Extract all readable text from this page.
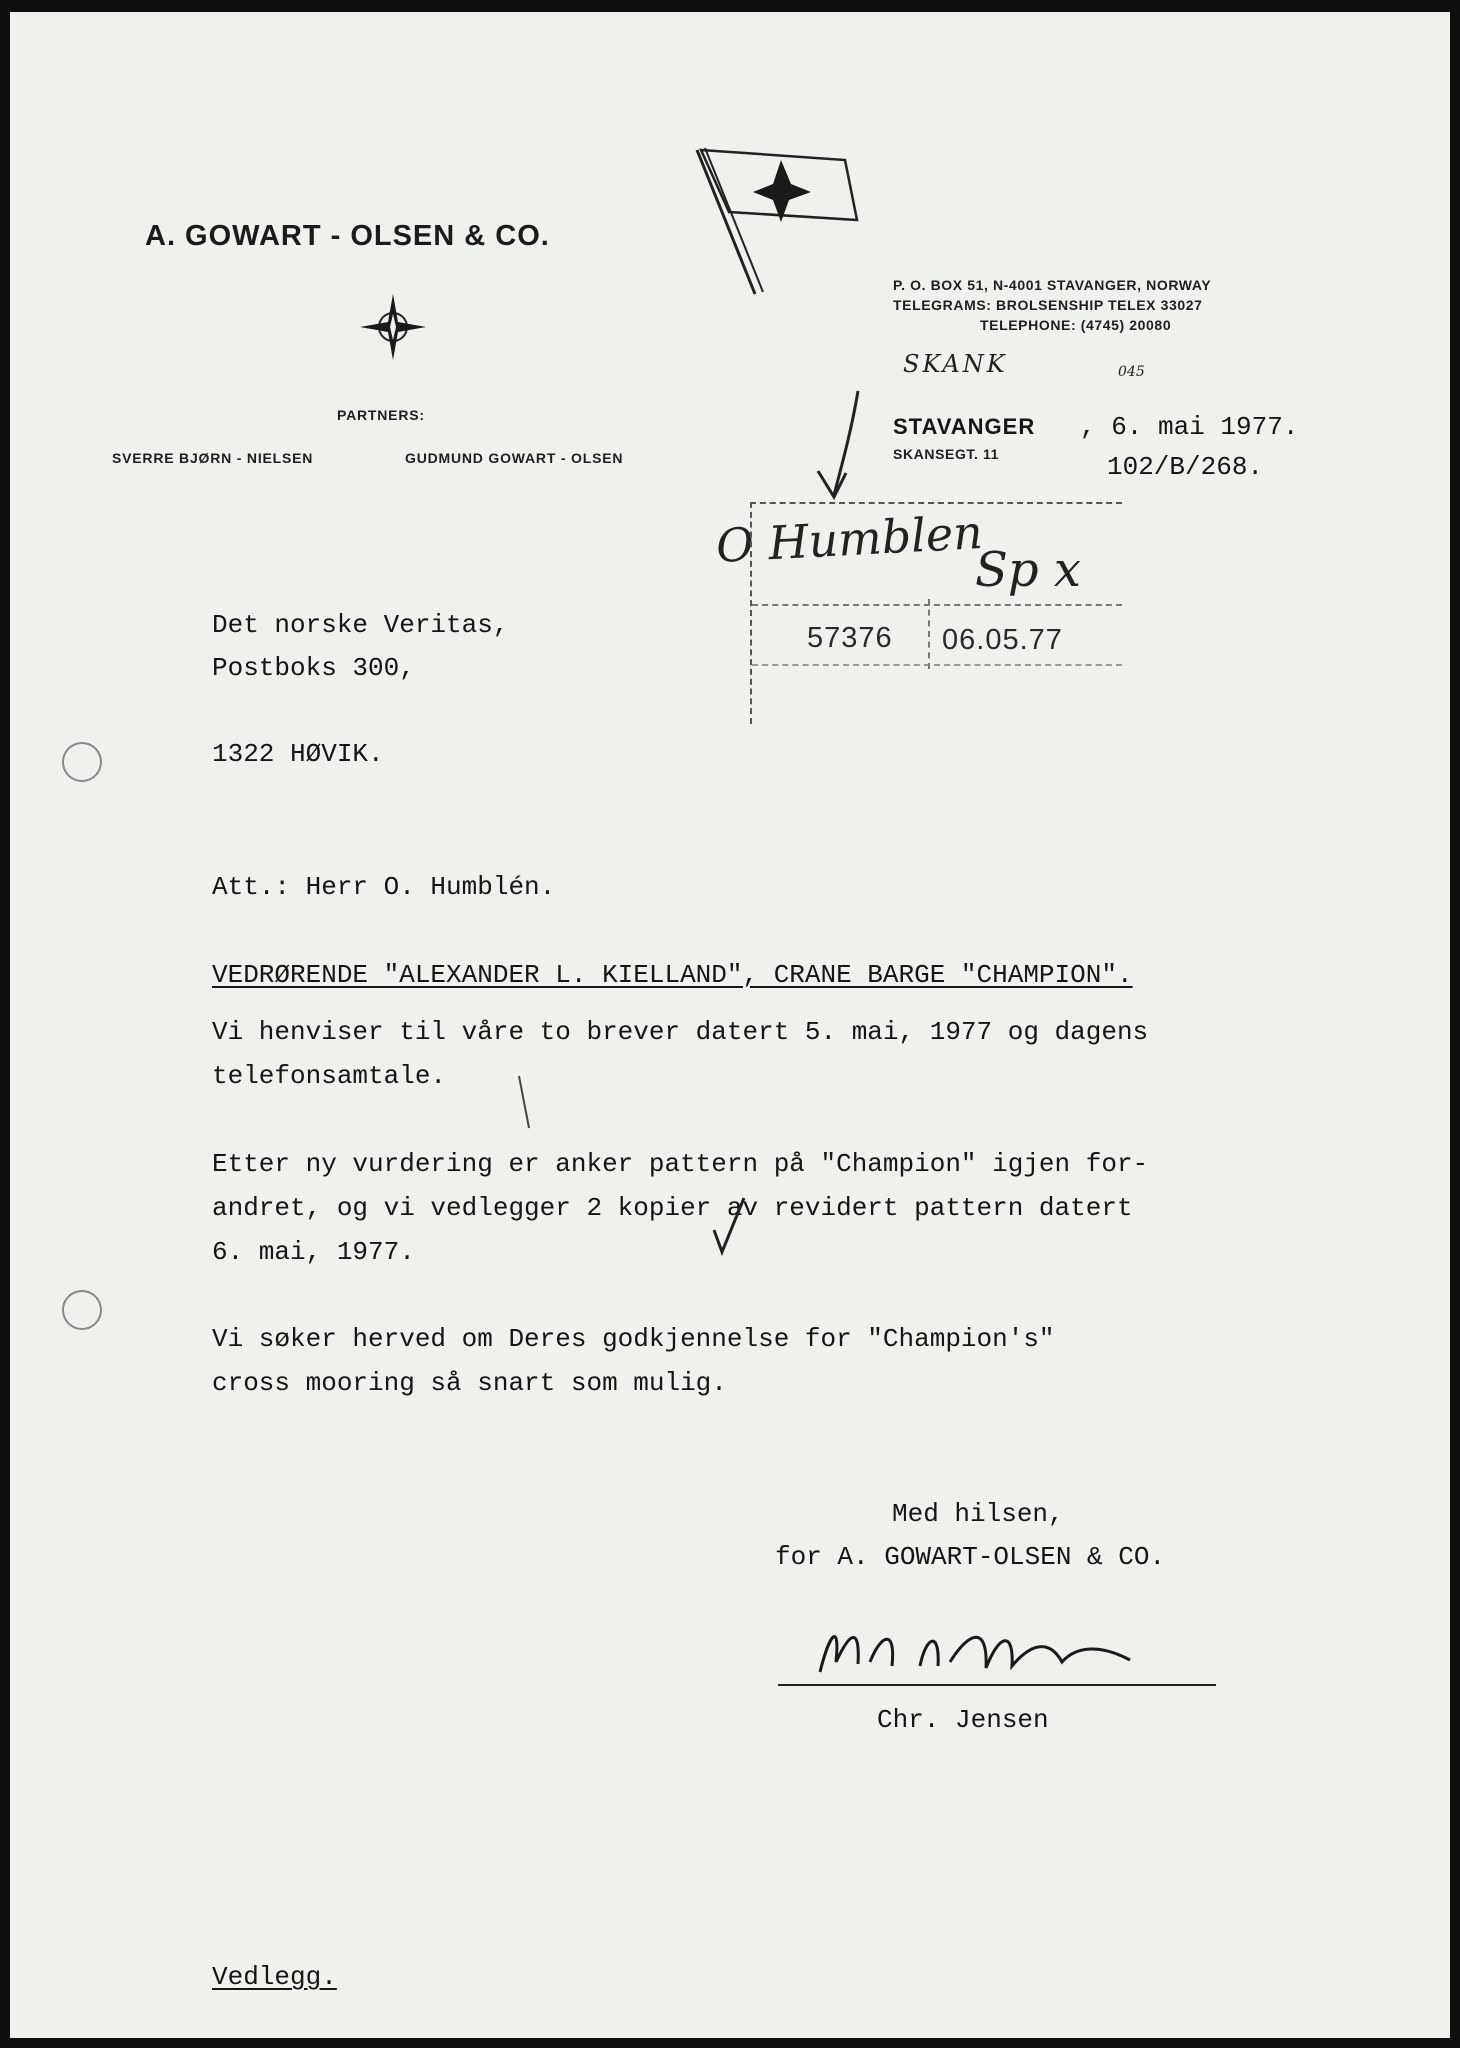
A. GOWART - OLSEN & CO.
PARTNERS:
SVERRE BJØRN - NIELSEN	GUDMUND GOWART - OLSEN
P. O. BOX 51, N-4001 STAVANGER, NORWAY
TELEGRAMS: BROLSENSHIP TELEX 33027
TELEPHONE: (4745) 20080
SKANK	045
STAVANGER , 6. mai 1977.
SKANSEGT. 11	102/B/268.
O Humblen
Sp x
57376 06.05.77
Det norske Veritas,
Postboks 300,
1322 HØVIK.
Att.: Herr O. Humblén.
VEDRØRENDE "ALEXANDER L. KIELLAND", CRANE BARGE "CHAMPION".
Vi henviser til våre to brever datert 5. mai, 1977 og dagens
telefonsamtale.
Etter ny vurdering er anker pattern på "Champion" igjen for-
andret, og vi vedlegger 2 kopier av revidert pattern datert
6. mai, 1977.
Vi søker herved om Deres godkjennelse for "Champion's"
cross mooring så snart som mulig.
Med hilsen,
for A. GOWART-OLSEN & CO.
Chr. Jensen
Vedlegg.
